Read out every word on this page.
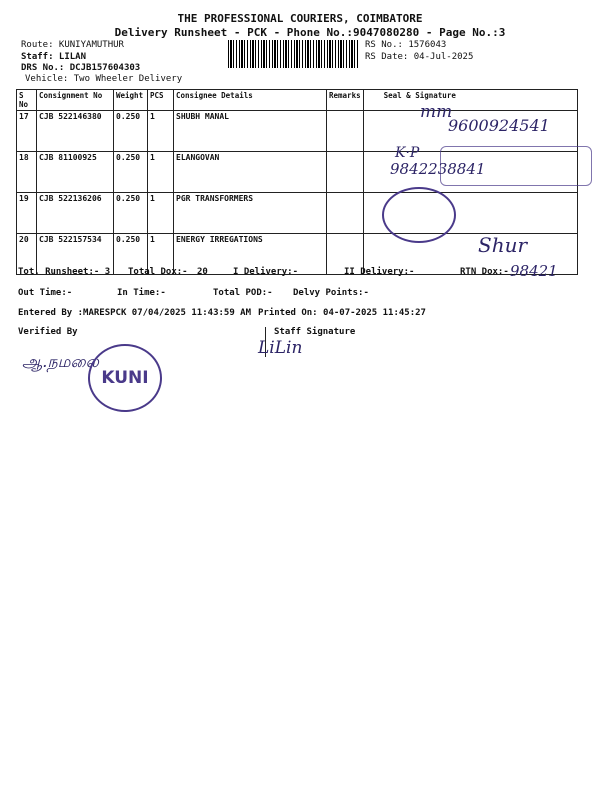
THE PROFESSIONAL COURIERS, COIMBATORE
Delivery Runsheet - PCK - Phone No.:9047080280 - Page No.:3
Route: KUNIYAMUTHUR
Staff: LILAN
DRS No.: DCJB157604303
Vehicle: Two Wheeler Delivery
RS No.: 1576043
RS Date: 04-Jul-2025
S No	Consignment No	Weight	PCS	Consignee Details	Remarks	Seal & Signature
17	CJB 522146380	0.250	1	SHUBH MANAL		
18	CJB 81100925	0.250	1	ELANGOVAN		
19	CJB 522136206	0.250	1	PGR TRANSFORMERS		
20	CJB 522157534	0.250	1	ENERGY IRREGATIONS		
mm
9600924541
K·P
9842238841
Shur
Tot. Runsheet:- 3 Total Dox:- 20	I Delivery:-	II Delivery:-	RTN Dox:- 98421
Out Time:-	In Time:-	Total POD:- Delvy Points:-
Entered By :MARESPCK 07/04/2025 11:43:59 AM Printed On: 04-07-2025 11:45:27
Verified By	Staff Signature
LiLin
ஆ.நமலை
KUNI
